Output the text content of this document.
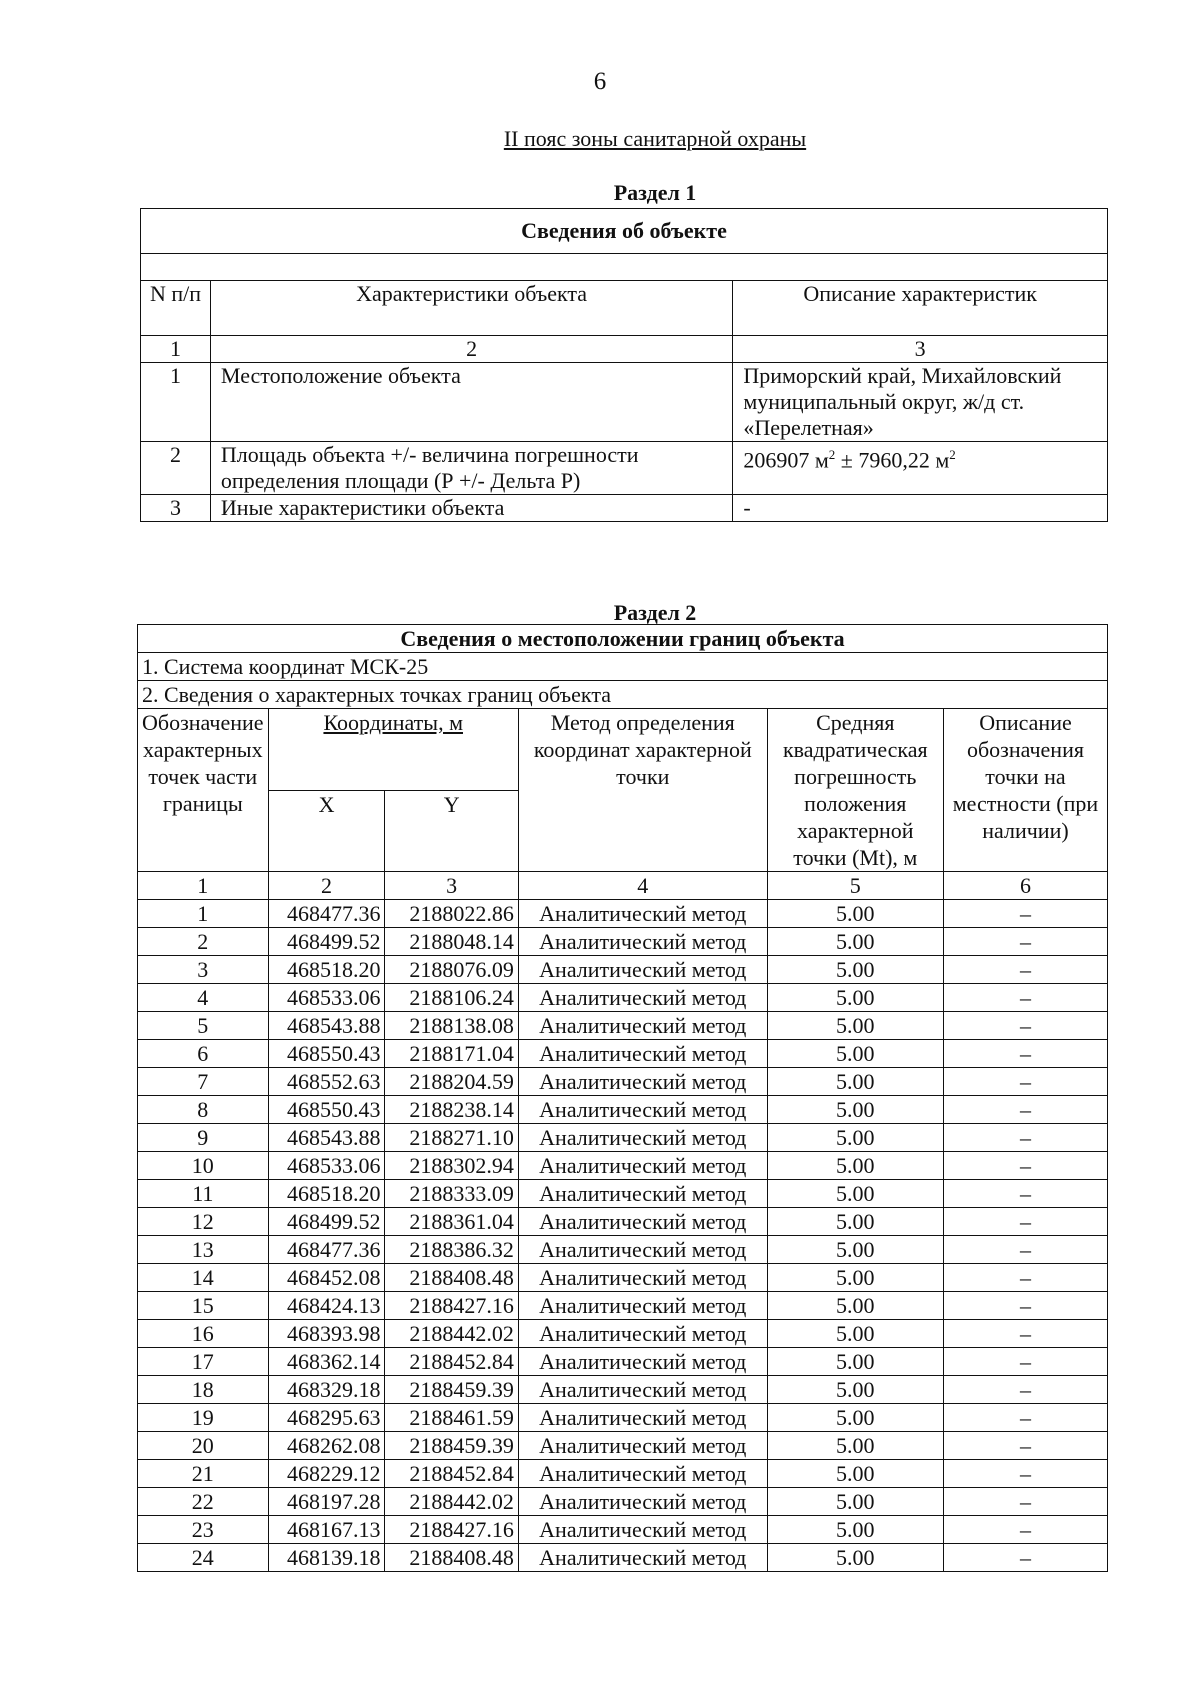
6
II пояс зоны санитарной охраны
Раздел 1
Сведения об объекте		

N п/п	Характеристики объекта	Описание характеристик
1	2	3
1	Местоположение объекта	Приморский край, Михайловский муниципальный округ, ж/д ст. «Перелетная»
2	Площадь объекта +/- величина погрешности определения площади (Р +/- Дельта Р)	206907 $м^2 \pm 7960,22$ $м^2$
3	Иные характеристики объекта	-
Раздел 2
Сведения о местоположении границ объекта					
1. Система координат МСК-25					
2. Сведения о характерных точках границ объекта					
Обозначение характерных точек части границы	Координаты, м		Метод определения координат характерной точки	Средняя квадратическая погрешность положения характерной точки (Mt), м	Описание обозначения точки на местности (при наличии)
	X	Y			
1	2	3	4	5	6
1	468477.36	2188022.86	Аналитический метод	5.00	–
2	468499.52	2188048.14	Аналитический метод	5.00	–
3	468518.20	2188076.09	Аналитический метод	5.00	–
4	468533.06	2188106.24	Аналитический метод	5.00	–
5	468543.88	2188138.08	Аналитический метод	5.00	–
6	468550.43	2188171.04	Аналитический метод	5.00	–
7	468552.63	2188204.59	Аналитический метод	5.00	–
8	468550.43	2188238.14	Аналитический метод	5.00	–
9	468543.88	2188271.10	Аналитический метод	5.00	–
10	468533.06	2188302.94	Аналитический метод	5.00	–
11	468518.20	2188333.09	Аналитический метод	5.00	–
12	468499.52	2188361.04	Аналитический метод	5.00	–
13	468477.36	2188386.32	Аналитический метод	5.00	–
14	468452.08	2188408.48	Аналитический метод	5.00	–
15	468424.13	2188427.16	Аналитический метод	5.00	–
16	468393.98	2188442.02	Аналитический метод	5.00	–
17	468362.14	2188452.84	Аналитический метод	5.00	–
18	468329.18	2188459.39	Аналитический метод	5.00	–
19	468295.63	2188461.59	Аналитический метод	5.00	–
20	468262.08	2188459.39	Аналитический метод	5.00	–
21	468229.12	2188452.84	Аналитический метод	5.00	–
22	468197.28	2188442.02	Аналитический метод	5.00	–
23	468167.13	2188427.16	Аналитический метод	5.00	–
24	468139.18	2188408.48	Аналитический метод	5.00	–
